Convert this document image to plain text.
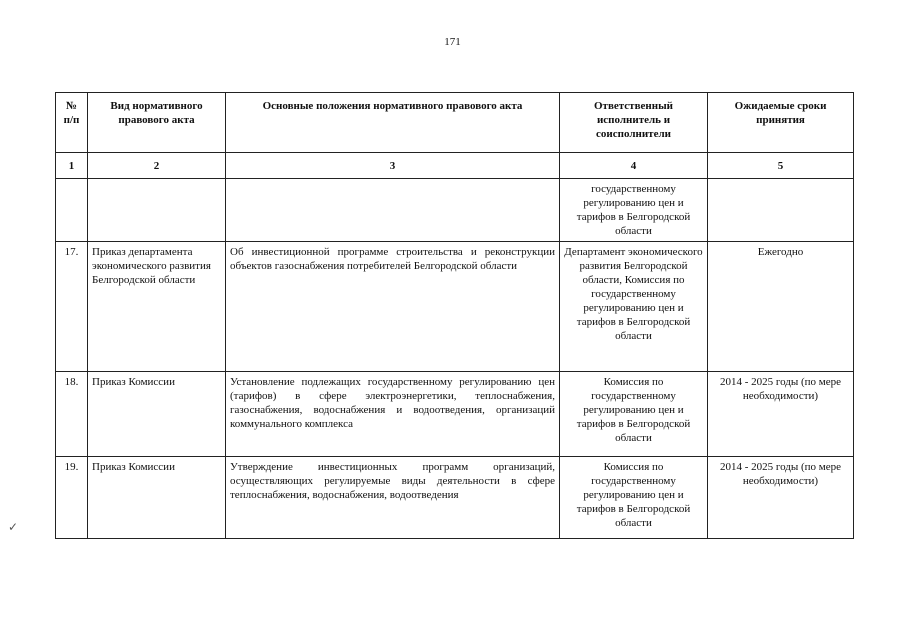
171
№ п/п	Вид нормативного правового акта	Основные положения нормативного правового акта	Ответственный исполнитель и соисполнители	Ожидаемые сроки принятия
1	2	3	4	5
			государственному регулированию цен и тарифов в Белгородской области	
17.	Приказ департамента экономического развития Белгородской области	Об инвестиционной программе строительства и реконструкции объектов газоснабжения потребителей Белгородской области	Департамент экономического развития Белгородской области, Комиссия по государственному регулированию цен и тарифов в Белгородской области	Ежегодно
18.	Приказ Комиссии	Установление подлежащих государственному регулированию цен (тарифов) в сфере электроэнергетики, теплоснабжения, газоснабжения, водоснабжения и водоотведения, организаций коммунального комплекса	Комиссия по государственному регулированию цен и тарифов в Белгородской области	2014 - 2025 годы (по мере необходимости)
19.	Приказ Комиссии	Утверждение инвестиционных программ организаций, осуществляющих регулируемые виды деятельности в сфере теплоснабжения, водоснабжения, водоотведения	Комиссия по государственному регулированию цен и тарифов в Белгородской области	2014 - 2025 годы (по мере необходимости)
✓
